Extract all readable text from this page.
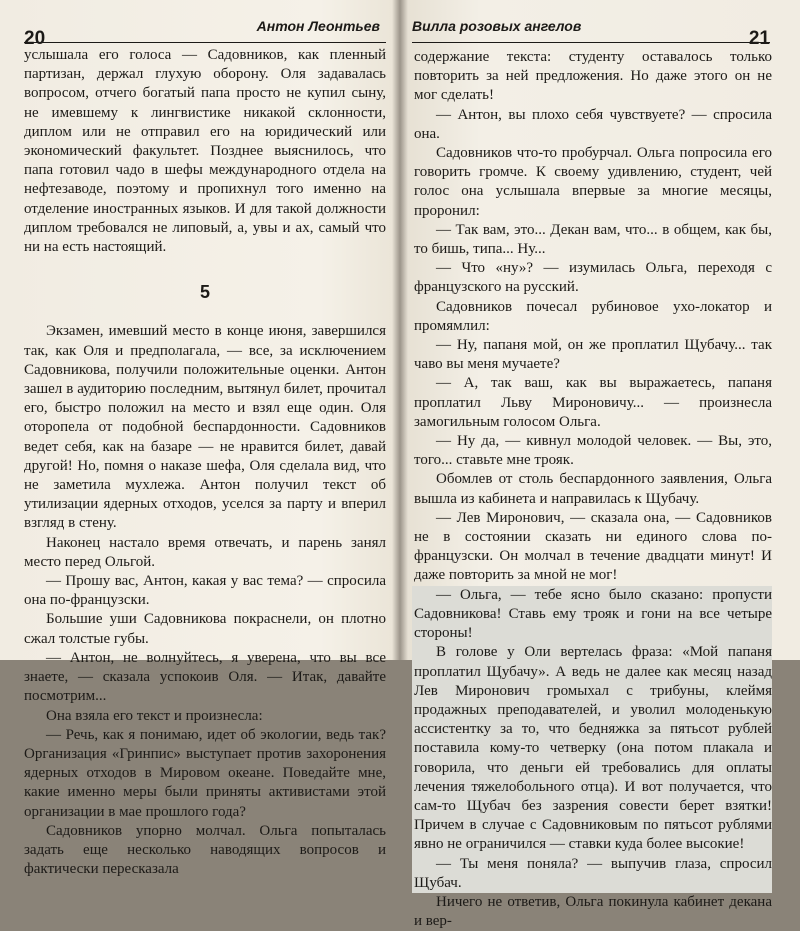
20
Антон Леонтьев

услышала его голоса — Садовников, как пленный партизан, держал глухую оборону. Оля задавалась вопросом, отчего богатый папа просто не купил сыну, не имевшему к лингвистике никакой склонности, диплом или не отправил его на юридический или экономический факультет. Позднее выяснилось, что папа готовил чадо в шефы международного отдела на нефтезаводе, поэтому и пропихнул того именно на отделение иностранных языков. И для такой должности диплом требовался не липовый, а, увы и ах, самый что ни на есть настоящий.

5

Экзамен, имевший место в конце июня, завершился так, как Оля и предполагала, — все, за исключением Садовникова, получили положительные оценки. Антон зашел в аудиторию последним, вытянул билет, прочитал его, быстро положил на место и взял еще один. Оля оторопела от подобной беспардонности. Садовников ведет себя, как на базаре — не нравится билет, давай другой! Но, помня о наказе шефа, Оля сделала вид, что не заметила мухлежа. Антон получил текст об утилизации ядерных отходов, уселся за парту и вперил взгляд в стену.

Наконец настало время отвечать, и парень занял место перед Ольгой.

— Прошу вас, Антон, какая у вас тема? — спросила она по-французски.

Большие уши Садовникова покраснели, он плотно сжал толстые губы.

— Антон, не волнуйтесь, я уверена, что вы все знаете, — сказала успокоив Оля. — Итак, давайте посмотрим...

Она взяла его текст и произнесла:

— Речь, как я понимаю, идет об экологии, ведь так? Организация «Гринпис» выступает против захоронения ядерных отходов в Мировом океане. Поведайте мне, какие именно меры были приняты активистами этой организации в мае прошлого года?

Садовников упорно молчал. Ольга попыталась задать еще несколько наводящих вопросов и фактически пересказала

Вилла розовых ангелов
21

содержание текста: студенту оставалось только повторить за ней предложения. Но даже этого он не мог сделать!

— Антон, вы плохо себя чувствуете? — спросила она.

Садовников что-то пробурчал. Ольга попросила его говорить громче. К своему удивлению, студент, чей голос она услышала впервые за многие месяцы, проронил:

— Так вам, это... Декан вам, что... в общем, как бы, то бишь, типа... Ну...

— Что «ну»? — изумилась Ольга, переходя с французского на русский.

Садовников почесал рубиновое ухо-локатор и промямлил:

— Ну, папаня мой, он же проплатил Щубачу... так чаво вы меня мучаете?

— А, так ваш, как вы выражаетесь, папаня проплатил Льву Мироновичу... — произнесла замогильным голосом Ольга.

— Ну да, — кивнул молодой человек. — Вы, это, того... ставьте мне трояк.

Обомлев от столь беспардонного заявления, Ольга вышла из кабинета и направилась к Щубачу.

— Лев Миронович, — сказала она, — Садовников не в состоянии сказать ни единого слова по-французски. Он молчал в течение двадцати минут! И даже повторить за мной не мог!

— Ольга, — тебе ясно было сказано: пропусти Садовникова! Ставь ему трояк и гони на все четыре стороны!

В голове у Оли вертелась фраза: «Мой папаня проплатил Щубачу». А ведь не далее как месяц назад Лев Миронович громыхал с трибуны, клеймя продажных преподавателей, и уволил молоденькую ассистентку за то, что бедняжка за пятьсот рублей поставила кому-то четверку (она потом плакала и говорила, что деньги ей требовались для оплаты лечения тяжелобольного отца). И вот получается, что сам-то Щубач без зазрения совести берет взятки! Причем в случае с Садовниковым по пятьсот рублями явно не ограничился — ставки куда более высокие!

— Ты меня поняла? — выпучив глаза, спросил Щубач.

Ничего не ответив, Ольга покинула кабинет декана и вер-
